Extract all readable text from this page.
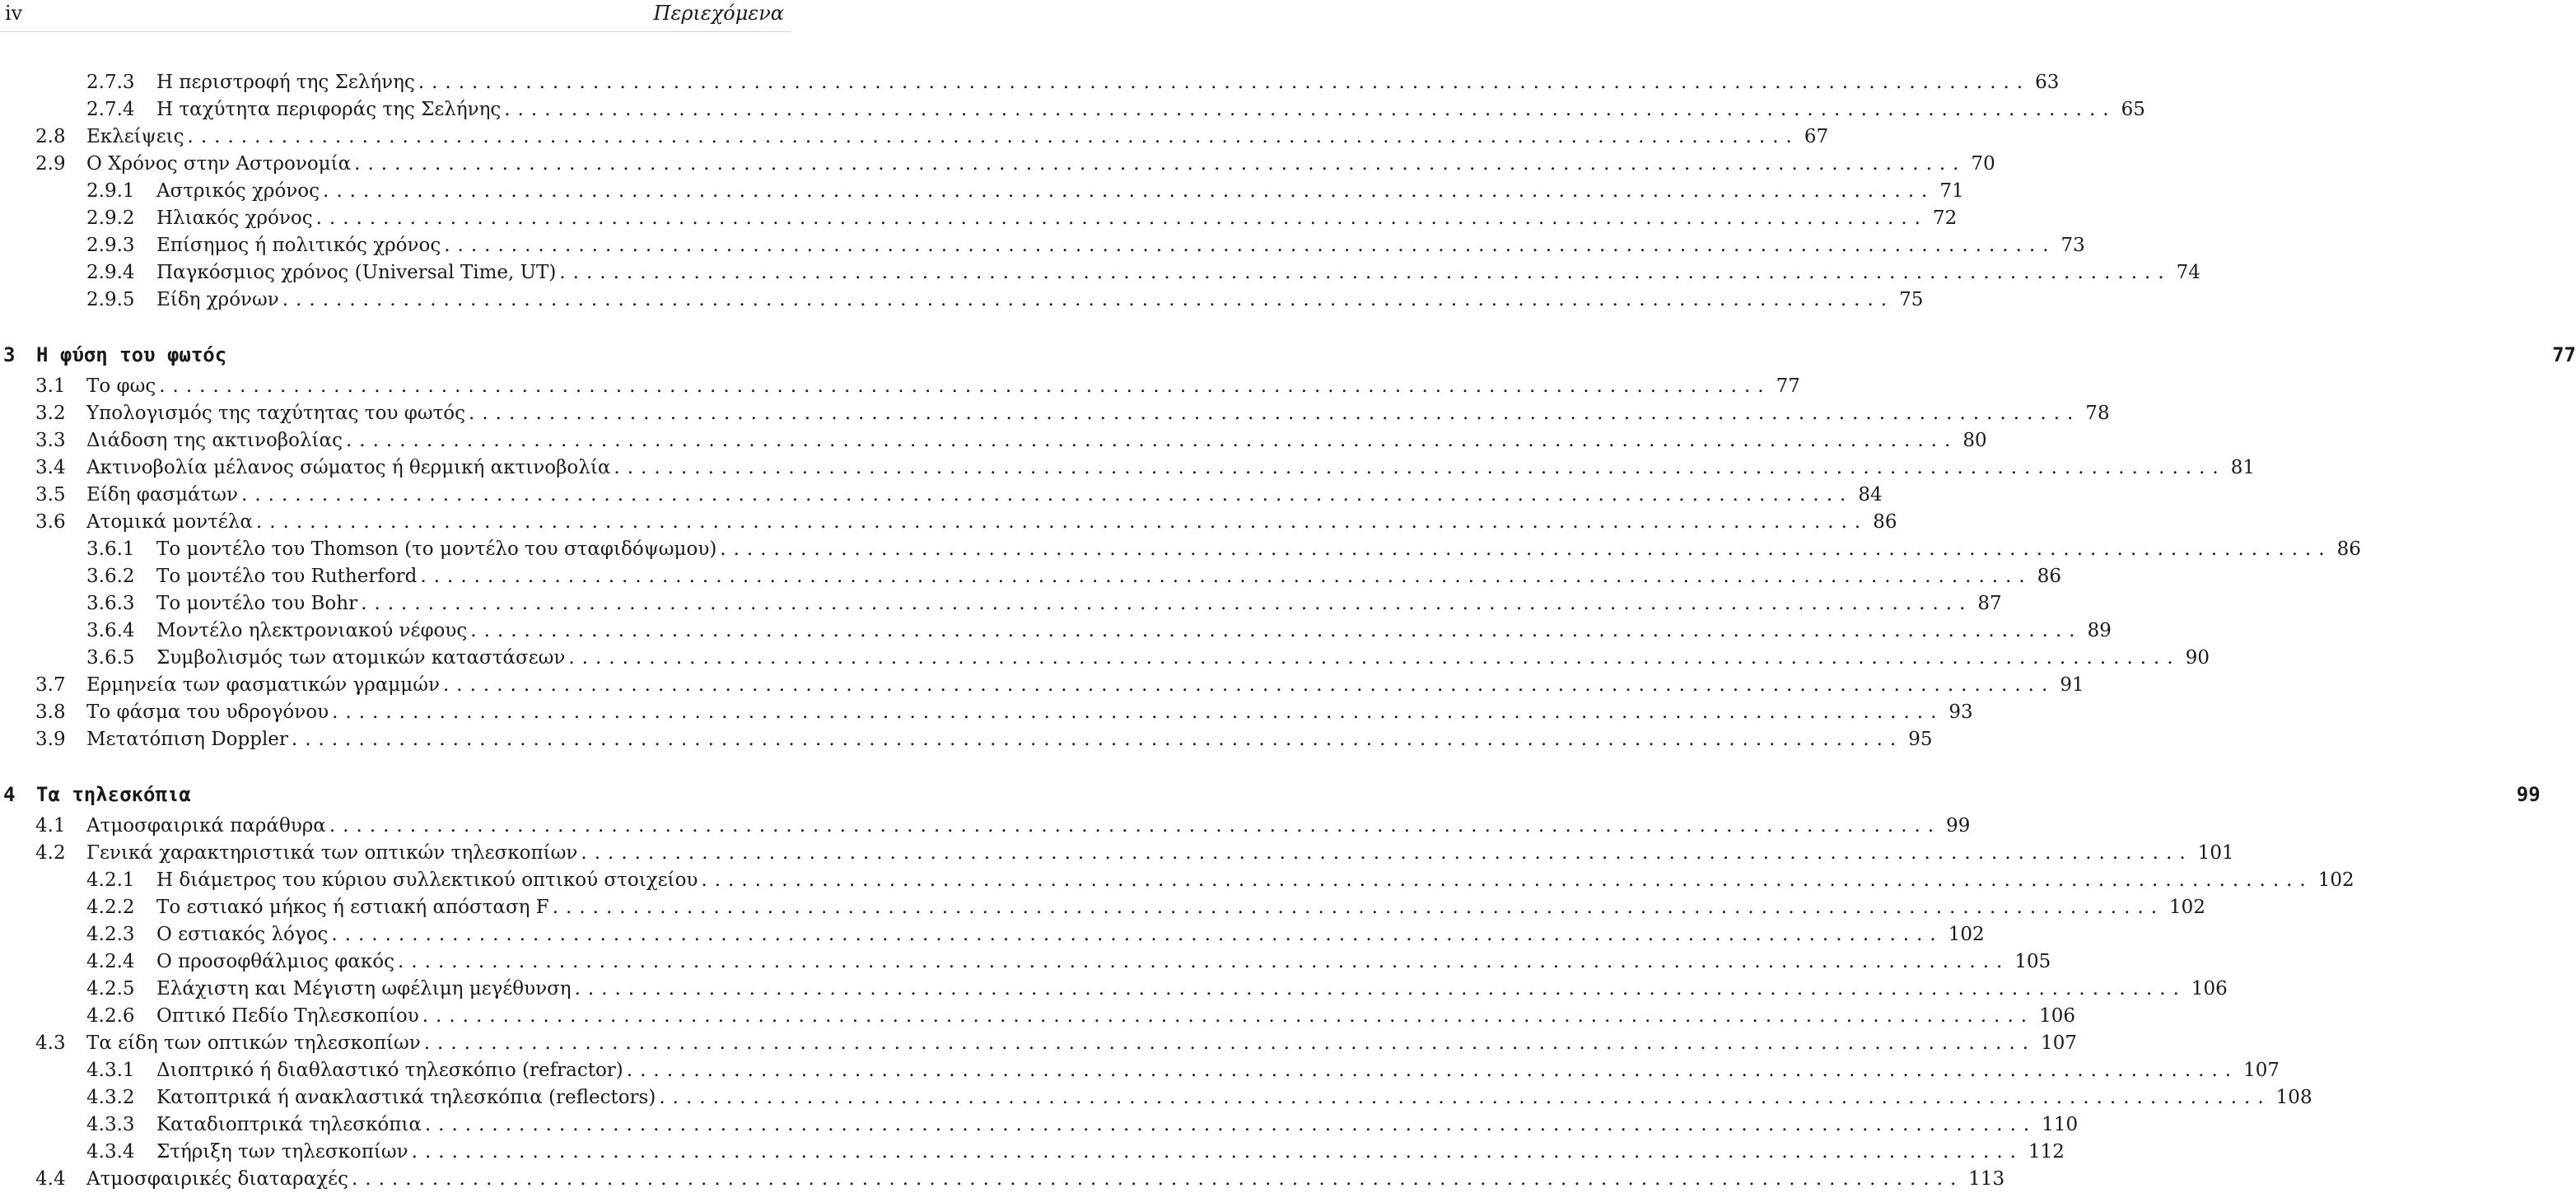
iv	Περιεχόμενα
2.7.3 Η περιστροφή της Σελήνης ........................................................................................................................ 63
2.7.4 Η ταχύτητα περιφοράς της Σελήνης ........................................................................................................................ 65
2.8 Εκλείψεις ........................................................................................................................ 67
2.9 Ο Χρόνος στην Αστρονομία ........................................................................................................................ 70
2.9.1 Αστρικός χρόνος ........................................................................................................................ 71
2.9.2 Ηλιακός χρόνος ........................................................................................................................ 72
2.9.3 Επίσημος ή πολιτικός χρόνος ........................................................................................................................ 73
2.9.4 Παγκόσμιος χρόνος (Universal Time, UT) ........................................................................................................................ 74
2.9.5 Είδη χρόνων ........................................................................................................................ 75
3 Η φύση του φωτός	77
3.1 Το φως ........................................................................................................................ 77
3.2 Υπολογισμός της ταχύτητας του φωτός ........................................................................................................................ 78
3.3 Διάδοση της ακτινοβολίας ........................................................................................................................ 80
3.4 Ακτινοβολία μέλανος σώματος ή θερμική ακτινοβολία ........................................................................................................................ 81
3.5 Είδη φασμάτων ........................................................................................................................ 84
3.6 Ατομικά μοντέλα ........................................................................................................................ 86
3.6.1 Το μοντέλο του Thomson (το μοντέλο του σταφιδόψωμου) ........................................................................................................................ 86
3.6.2 Το μοντέλο του Rutherford ........................................................................................................................ 86
3.6.3 Το μοντέλο του Bohr ........................................................................................................................ 87
3.6.4 Μοντέλο ηλεκτρονιακού νέφους ........................................................................................................................ 89
3.6.5 Συμβολισμός των ατομικών καταστάσεων ........................................................................................................................ 90
3.7 Ερμηνεία των φασματικών γραμμών ........................................................................................................................ 91
3.8 Το φάσμα του υδρογόνου ........................................................................................................................ 93
3.9 Μετατόπιση Doppler ........................................................................................................................ 95
4 Τα τηλεσκόπια	99
4.1 Ατμοσφαιρικά παράθυρα ........................................................................................................................ 99
4.2 Γενικά χαρακτηριστικά των οπτικών τηλεσκοπίων ........................................................................................................................ 101
4.2.1 Η διάμετρος του κύριου συλλεκτικού οπτικού στοιχείου ........................................................................................................................ 102
4.2.2 Το εστιακό μήκος ή εστιακή απόσταση F ........................................................................................................................ 102
4.2.3 Ο εστιακός λόγος ........................................................................................................................ 102
4.2.4 Ο προσοφθάλμιος φακός ........................................................................................................................ 105
4.2.5 Ελάχιστη και Μέγιστη ωφέλιμη μεγέθυνση ........................................................................................................................ 106
4.2.6 Οπτικό Πεδίο Τηλεσκοπίου ........................................................................................................................ 106
4.3 Τα είδη των οπτικών τηλεσκοπίων ........................................................................................................................ 107
4.3.1 Διοπτρικό ή διαθλαστικό τηλεσκόπιο (refractor) ........................................................................................................................ 107
4.3.2 Κατοπτρικά ή ανακλαστικά τηλεσκόπια (reflectors) ........................................................................................................................ 108
4.3.3 Καταδιοπτρικά τηλεσκόπια ........................................................................................................................ 110
4.3.4 Στήριξη των τηλεσκοπίων ........................................................................................................................ 112
4.4 Ατμοσφαιρικές διαταραχές ........................................................................................................................ 113
